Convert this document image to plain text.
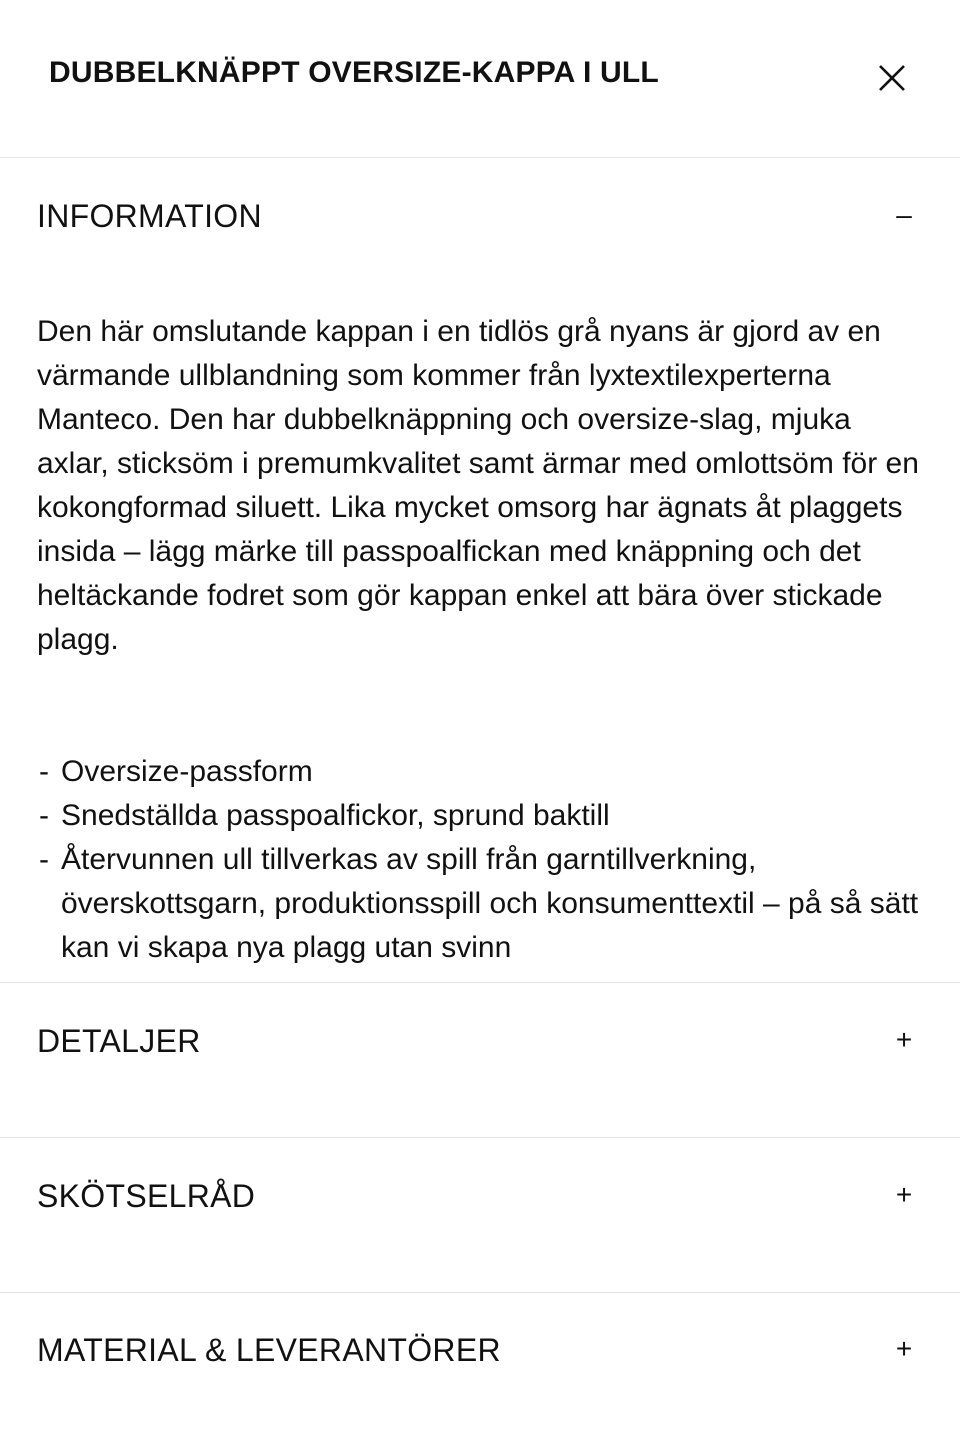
DUBBELKNÄPPT OVERSIZE-KAPPA I ULL
INFORMATION	–

Den här omslutande kappan i en tidlös grå nyans är gjord av en värmande ullblandning som kommer från lyxtextilexperterna Manteco. Den har dubbelknäppning och oversize-slag, mjuka axlar, sticksöm i premumkvalitet samt ärmar med omlottsöm för en kokongformad siluett. Lika mycket omsorg har ägnats åt plaggets insida – lägg märke till passpoalfickan med knäppning och det heltäckande fodret som gör kappan enkel att bära över stickade plagg.

- Oversize-passform
- Snedställda passpoalfickor, sprund baktill
- Återvunnen ull tillverkas av spill från garntillverkning, överskottsgarn, produktionsspill och konsumenttextil – på så sätt kan vi skapa nya plagg utan svinn
DETALJER	+
SKÖTSELRÅD	+
MATERIAL & LEVERANTÖRER	+
